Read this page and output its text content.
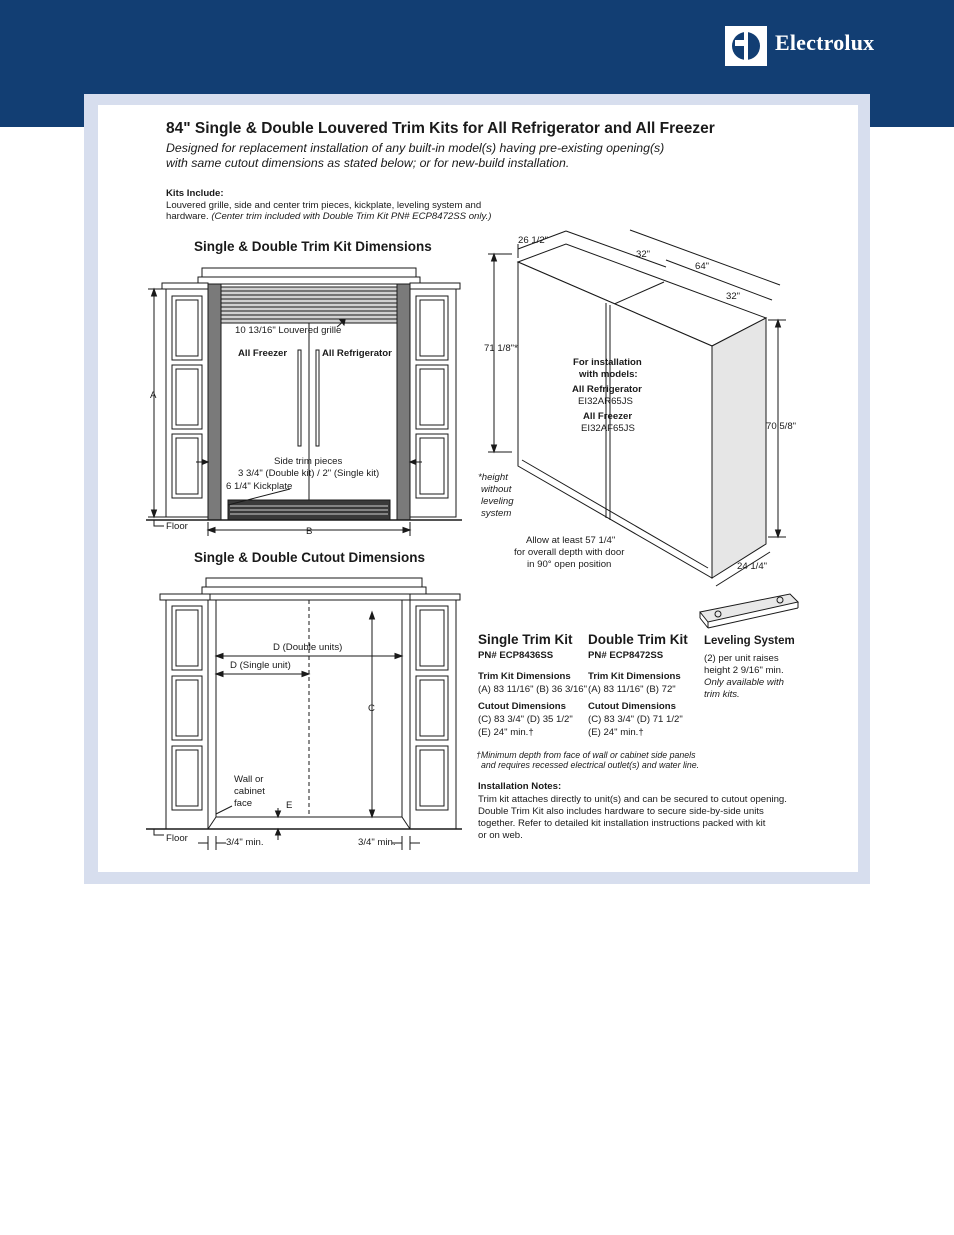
Electrolux
84" Single & Double Louvered Trim Kits for All Refrigerator and All Freezer
Designed for replacement installation of any built-in model(s) having pre-existing opening(s)
with same cutout dimensions as stated below; or for new-build installation.
Kits Include:
Louvered grille, side and center trim pieces, kickplate, leveling system and
hardware. (Center trim included with Double Trim Kit PN# ECP8472SS only.)
Single & Double Trim Kit Dimensions
10 13/16" Louvered grille
All Freezer	All Refrigerator
Side trim pieces
3 3/4" (Double kit) / 2" (Single kit)
6 1/4" Kickplate
A
B
Floor
Single & Double Cutout Dimensions
D (Double units)
D (Single unit)
C
Wall or
cabinet
face	E
Floor	3/4" min.	3/4" min.
26 1/2"
32"
64"
32"
71 1/8"*
70 5/8"
24 1/4"
For installation
with models:
All Refrigerator
EI32AR65JS
All Freezer
EI32AF65JS
*height
without
leveling
system
Allow at least 57 1/4"
for overall depth with door
in 90° open position
Single Trim Kit
PN# ECP8436SS
Trim Kit Dimensions
(A) 83 11/16" (B) 36 3/16"
Cutout Dimensions
(C) 83 3/4" (D) 35 1/2"
(E) 24" min.†
Double Trim Kit
PN# ECP8472SS
Trim Kit Dimensions
(A) 83 11/16" (B) 72"
Cutout Dimensions
(C) 83 3/4" (D) 71 1/2"
(E) 24" min.†
Leveling System
(2) per unit raises
height 2 9/16" min.
Only available with
trim kits.
†Minimum depth from face of wall or cabinet side panels
and requires recessed electrical outlet(s) and water line.
Installation Notes:
Trim kit attaches directly to unit(s) and can be secured to cutout opening.
Double Trim Kit also includes hardware to secure side-by-side units
together. Refer to detailed kit installation instructions packed with kit
or on web.
